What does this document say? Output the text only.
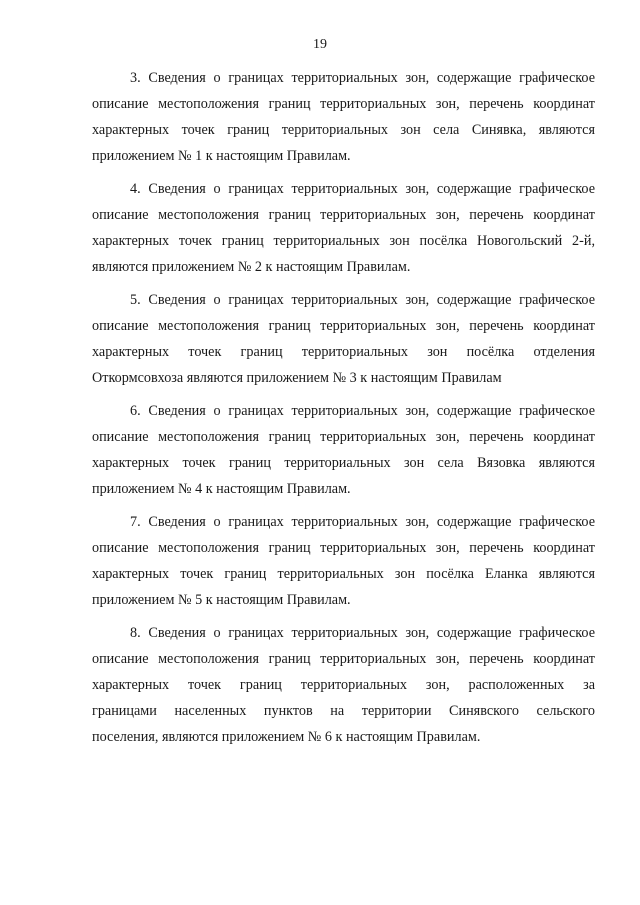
19
3. Сведения о границах территориальных зон, содержащие графическое
описание местоположения границ территориальных зон, перечень координат
характерных точек границ территориальных зон села Синявка, являются
приложением № 1 к настоящим Правилам.
4. Сведения о границах территориальных зон, содержащие графическое
описание местоположения границ территориальных зон, перечень координат
характерных точек границ территориальных зон посёлка Новогольский 2-й,
являются приложением № 2 к настоящим Правилам.
5. Сведения о границах территориальных зон, содержащие графическое
описание местоположения границ территориальных зон, перечень координат
характерных точек границ территориальных зон посёлка отделения
Откормсовхоза являются приложением № 3 к настоящим Правилам
6. Сведения о границах территориальных зон, содержащие графическое
описание местоположения границ территориальных зон, перечень координат
характерных точек границ территориальных зон села Вязовка являются
приложением № 4 к настоящим Правилам.
7. Сведения о границах территориальных зон, содержащие графическое
описание местоположения границ территориальных зон, перечень координат
характерных точек границ территориальных зон посёлка Еланка являются
приложением № 5 к настоящим Правилам.
8. Сведения о границах территориальных зон, содержащие графическое
описание местоположения границ территориальных зон, перечень координат
характерных точек границ территориальных зон, расположенных за
границами населенных пунктов на территории Синявского сельского
поселения, являются приложением № 6 к настоящим Правилам.
